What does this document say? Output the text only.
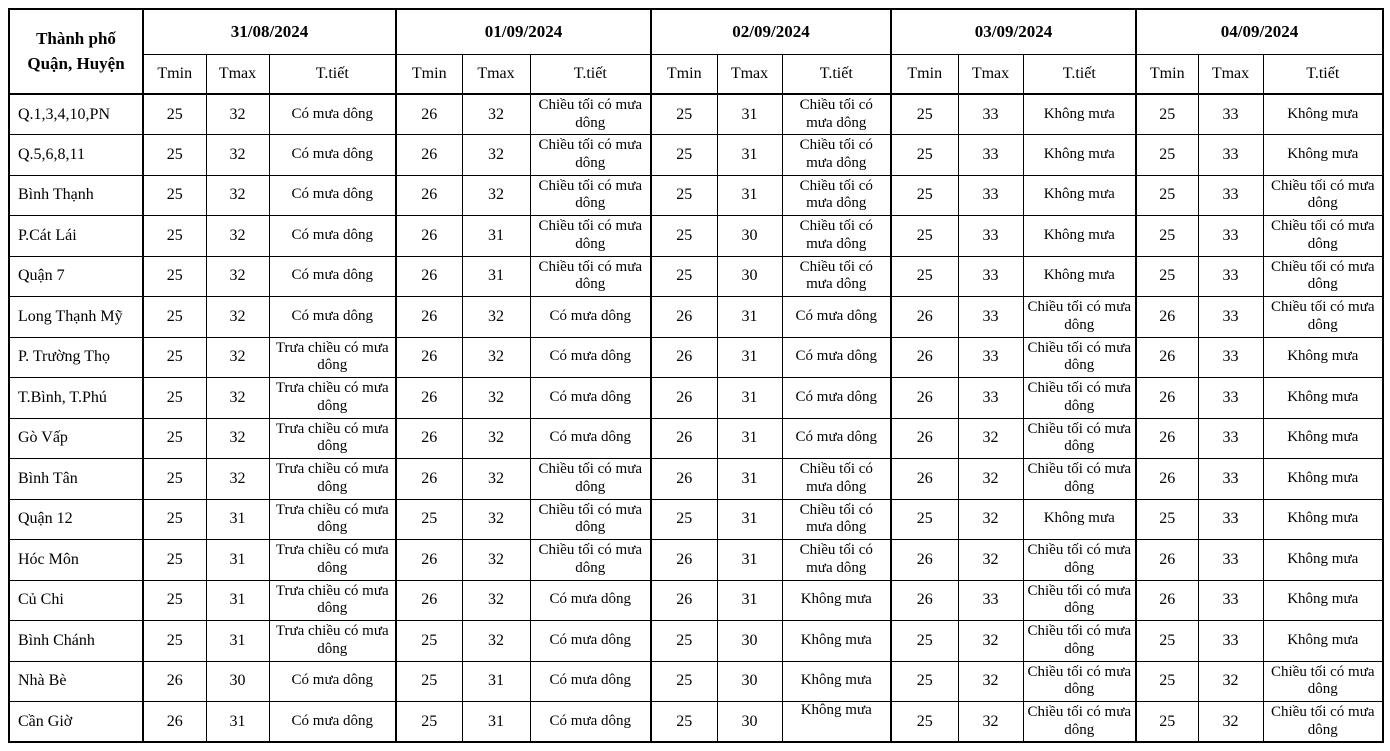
Thành phố
Quận, Huyện	31/08/2024			01/09/2024			02/09/2024			03/09/2024			04/09/2024		
	Tmin	Tmax	T.tiết	Tmin	Tmax	T.tiết	Tmin	Tmax	T.tiết	Tmin	Tmax	T.tiết	Tmin	Tmax	T.tiết
Q.1,3,4,10,PN	25	32	Có mưa dông	26	32	Chiều tối có mưa dông	25	31	Chiều tối có mưa dông	25	33	Không mưa	25	33	Không mưa
Q.5,6,8,11	25	32	Có mưa dông	26	32	Chiều tối có mưa dông	25	31	Chiều tối có mưa dông	25	33	Không mưa	25	33	Không mưa
Bình Thạnh	25	32	Có mưa dông	26	32	Chiều tối có mưa dông	25	31	Chiều tối có mưa dông	25	33	Không mưa	25	33	Chiều tối có mưa dông
P.Cát Lái	25	32	Có mưa dông	26	31	Chiều tối có mưa dông	25	30	Chiều tối có mưa dông	25	33	Không mưa	25	33	Chiều tối có mưa dông
Quận 7	25	32	Có mưa dông	26	31	Chiều tối có mưa dông	25	30	Chiều tối có mưa dông	25	33	Không mưa	25	33	Chiều tối có mưa dông
Long Thạnh Mỹ	25	32	Có mưa dông	26	32	Có mưa dông	26	31	Có mưa dông	26	33	Chiều tối có mưa dông	26	33	Chiều tối có mưa dông
P. Trường Thọ	25	32	Trưa chiều có mưa dông	26	32	Có mưa dông	26	31	Có mưa dông	26	33	Chiều tối có mưa dông	26	33	Không mưa
T.Bình, T.Phú	25	32	Trưa chiều có mưa dông	26	32	Có mưa dông	26	31	Có mưa dông	26	33	Chiều tối có mưa dông	26	33	Không mưa
Gò Vấp	25	32	Trưa chiều có mưa dông	26	32	Có mưa dông	26	31	Có mưa dông	26	32	Chiều tối có mưa dông	26	33	Không mưa
Bình Tân	25	32	Trưa chiều có mưa dông	26	32	Chiều tối có mưa dông	26	31	Chiều tối có mưa dông	26	32	Chiều tối có mưa dông	26	33	Không mưa
Quận 12	25	31	Trưa chiều có mưa dông	25	32	Chiều tối có mưa dông	25	31	Chiều tối có mưa dông	25	32	Không mưa	25	33	Không mưa
Hóc Môn	25	31	Trưa chiều có mưa dông	26	32	Chiều tối có mưa dông	26	31	Chiều tối có mưa dông	26	32	Chiều tối có mưa dông	26	33	Không mưa
Củ Chi	25	31	Trưa chiều có mưa dông	26	32	Có mưa dông	26	31	Không mưa	26	33	Chiều tối có mưa dông	26	33	Không mưa
Bình Chánh	25	31	Trưa chiều có mưa dông	25	32	Có mưa dông	25	30	Không mưa	25	32	Chiều tối có mưa dông	25	33	Không mưa
Nhà Bè	26	30	Có mưa dông	25	31	Có mưa dông	25	30	Không mưa	25	32	Chiều tối có mưa dông	25	32	Chiều tối có mưa dông
Cần Giờ	26	31	Có mưa dông	25	31	Có mưa dông	25	30	Không mưa	25	32	Chiều tối có mưa dông	25	32	Chiều tối có mưa dông
